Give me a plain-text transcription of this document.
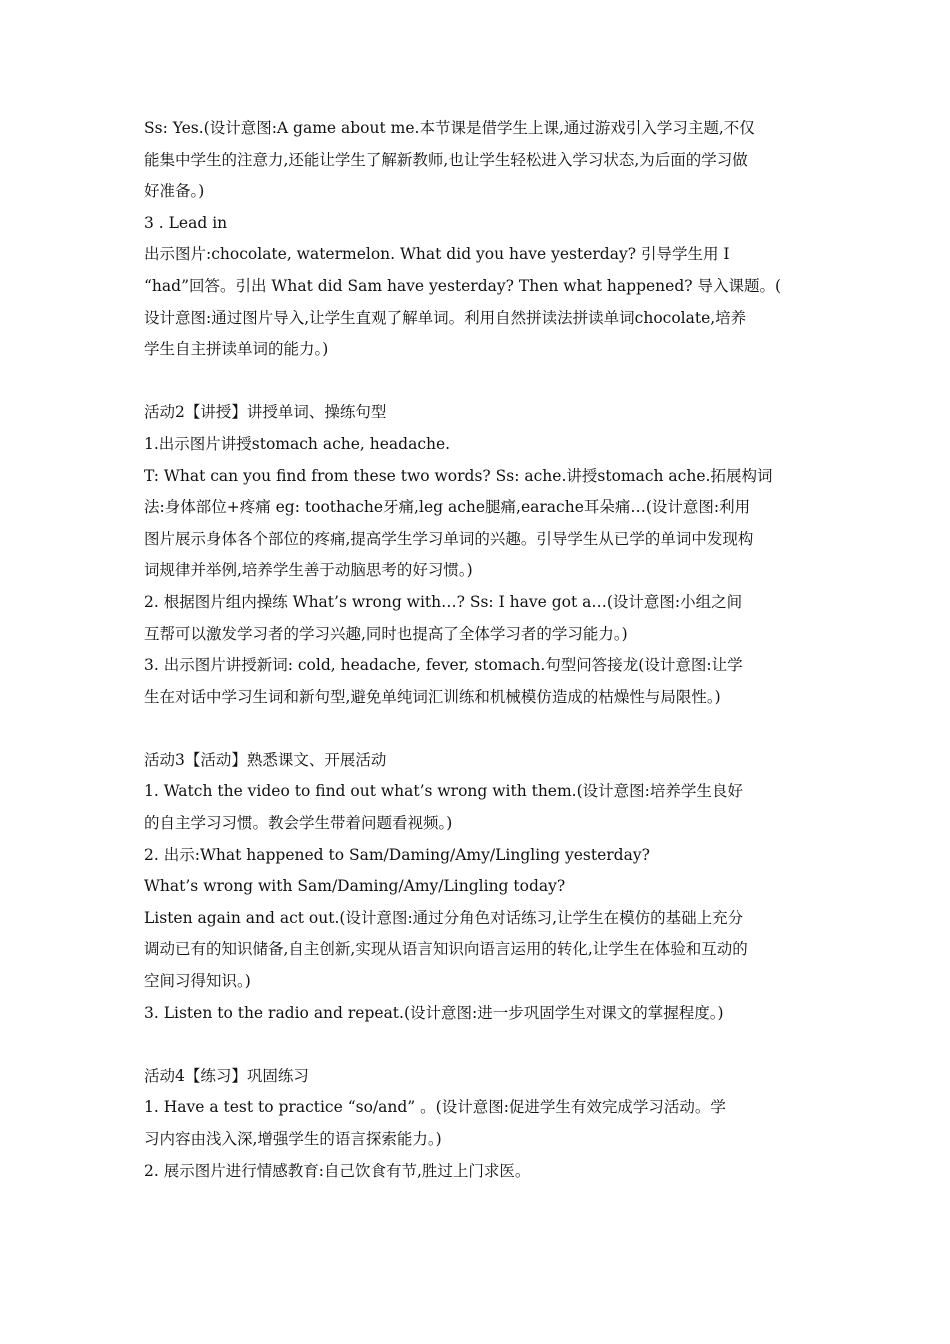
Ss: Yes.(设计意图:A game about me.本节课是借学生上课,通过游戏引入学习主题,不仅
能集中学生的注意力,还能让学生了解新教师,也让学生轻松进入学习状态,为后面的学习做
好准备。)
3 . Lead in
出示图片:chocolate, watermelon. What did you have yesterday? 引导学生用 I
“had”回答。引出 What did Sam have yesterday? Then what happened? 导入课题。(
设计意图:通过图片导入,让学生直观了解单词。利用自然拼读法拼读单词chocolate,培养
学生自主拼读单词的能力。)
活动2【讲授】讲授单词、操练句型
1.出示图片讲授stomach ache, headache.
T: What can you find from these two words? Ss: ache.讲授stomach ache.拓展构词
法:身体部位+疼痛 eg: toothache牙痛,leg ache腿痛,earache耳朵痛…(设计意图:利用
图片展示身体各个部位的疼痛,提高学生学习单词的兴趣。引导学生从已学的单词中发现构
词规律并举例,培养学生善于动脑思考的好习惯。)
2. 根据图片组内操练 What’s wrong with…? Ss: I have got a…(设计意图:小组之间
互帮可以激发学习者的学习兴趣,同时也提高了全体学习者的学习能力。)
3. 出示图片讲授新词: cold, headache, fever, stomach.句型问答接龙(设计意图:让学
生在对话中学习生词和新句型,避免单纯词汇训练和机械模仿造成的枯燥性与局限性。)
活动3【活动】熟悉课文、开展活动
1. Watch the video to find out what’s wrong with them.(设计意图:培养学生良好
的自主学习习惯。教会学生带着问题看视频。)
2. 出示:What happened to Sam/Daming/Amy/Lingling yesterday?
What’s wrong with Sam/Daming/Amy/Lingling today?
Listen again and act out.(设计意图:通过分角色对话练习,让学生在模仿的基础上充分
调动已有的知识储备,自主创新,实现从语言知识向语言运用的转化,让学生在体验和互动的
空间习得知识。)
3. Listen to the radio and repeat.(设计意图:进一步巩固学生对课文的掌握程度。)
活动4【练习】巩固练习
1. Have a test to practice “so/and” 。(设计意图:促进学生有效完成学习活动。学
习内容由浅入深,增强学生的语言探索能力。)
2. 展示图片进行情感教育:自己饮食有节,胜过上门求医。
